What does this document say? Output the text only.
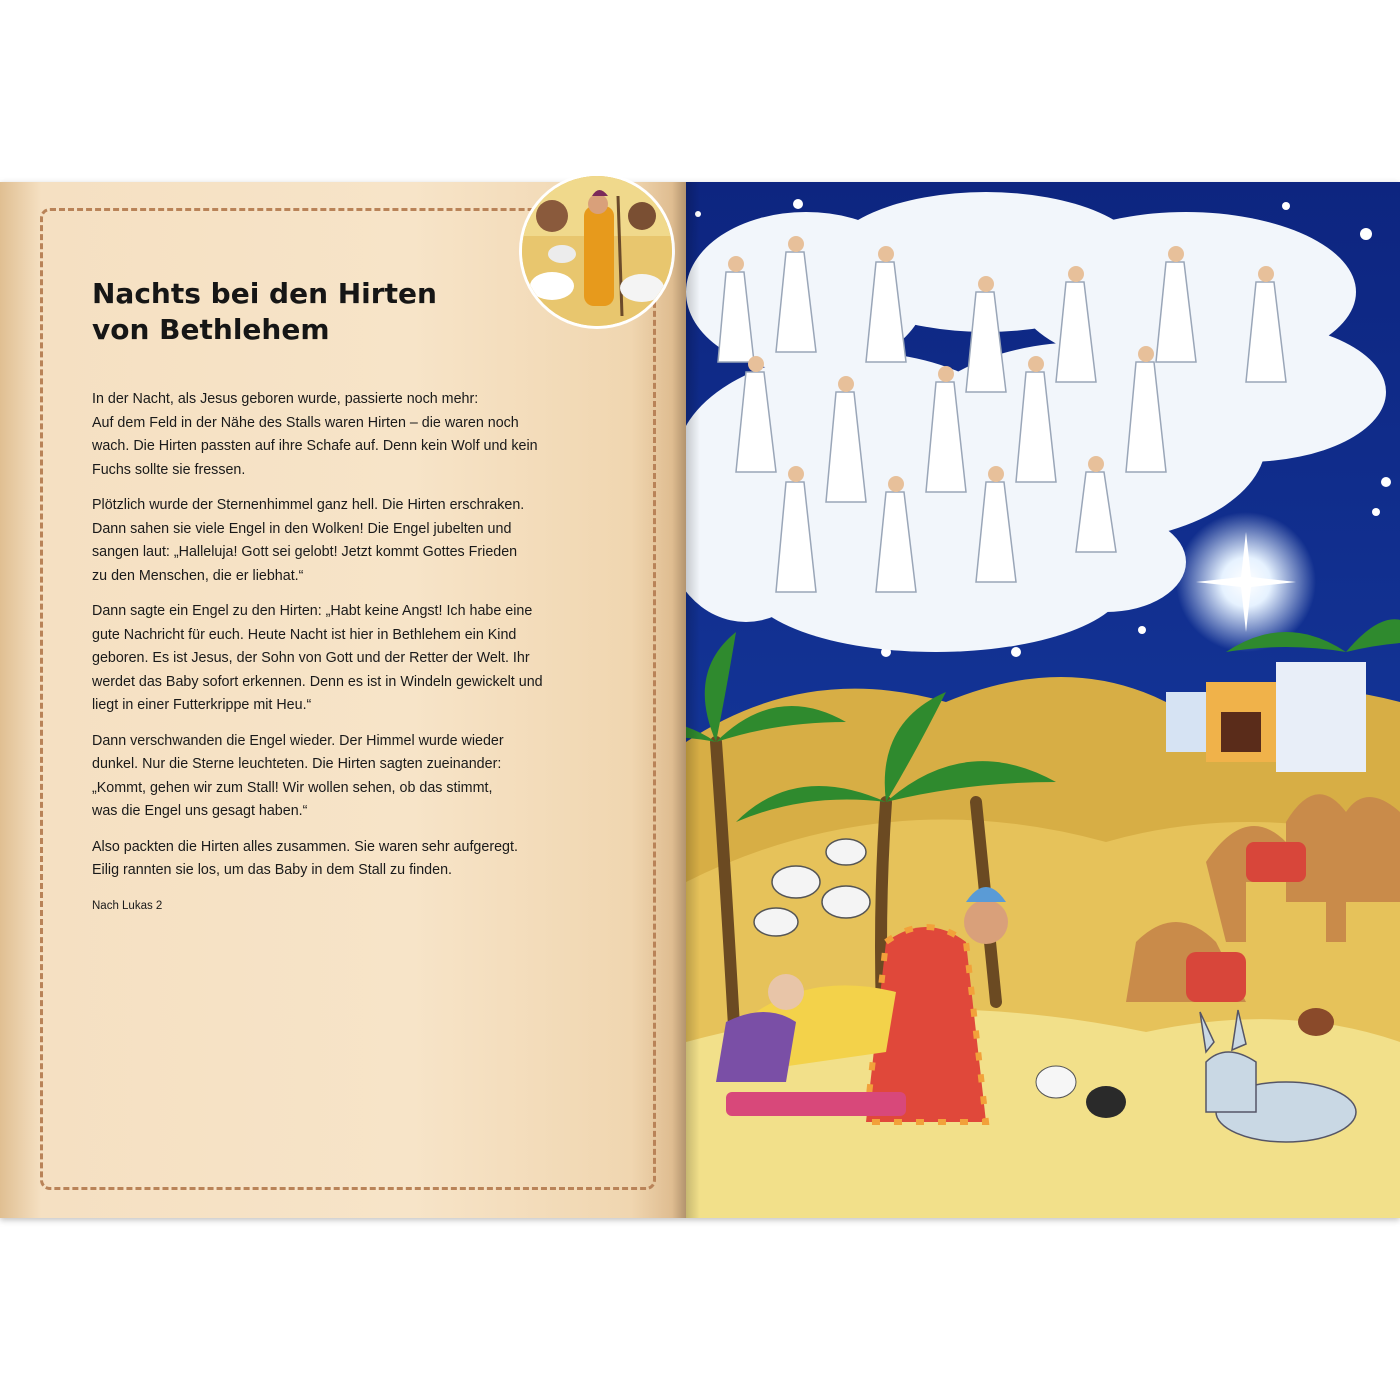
Nachts bei den Hirten
von Bethlehem

In der Nacht, als Jesus geboren wurde, passierte noch mehr:
Auf dem Feld in der Nähe des Stalls waren Hirten – die waren noch
wach. Die Hirten passten auf ihre Schafe auf. Denn kein Wolf und kein
Fuchs sollte sie fressen.

Plötzlich wurde der Sternenhimmel ganz hell. Die Hirten erschraken.
Dann sahen sie viele Engel in den Wolken! Die Engel jubelten und
sangen laut: „Halleluja! Gott sei gelobt! Jetzt kommt Gottes Frieden
zu den Menschen, die er liebhat.“

Dann sagte ein Engel zu den Hirten: „Habt keine Angst! Ich habe eine
gute Nachricht für euch. Heute Nacht ist hier in Bethlehem ein Kind
geboren. Es ist Jesus, der Sohn von Gott und der Retter der Welt. Ihr
werdet das Baby sofort erkennen. Denn es ist in Windeln gewickelt und
liegt in einer Futterkrippe mit Heu.“

Dann verschwanden die Engel wieder. Der Himmel wurde wieder
dunkel. Nur die Sterne leuchteten. Die Hirten sagten zueinander:
„Kommt, gehen wir zum Stall! Wir wollen sehen, ob das stimmt,
was die Engel uns gesagt haben.“

Also packten die Hirten alles zusammen. Sie waren sehr aufgeregt.
Eilig rannten sie los, um das Baby in dem Stall zu finden.

Nach Lukas 2
